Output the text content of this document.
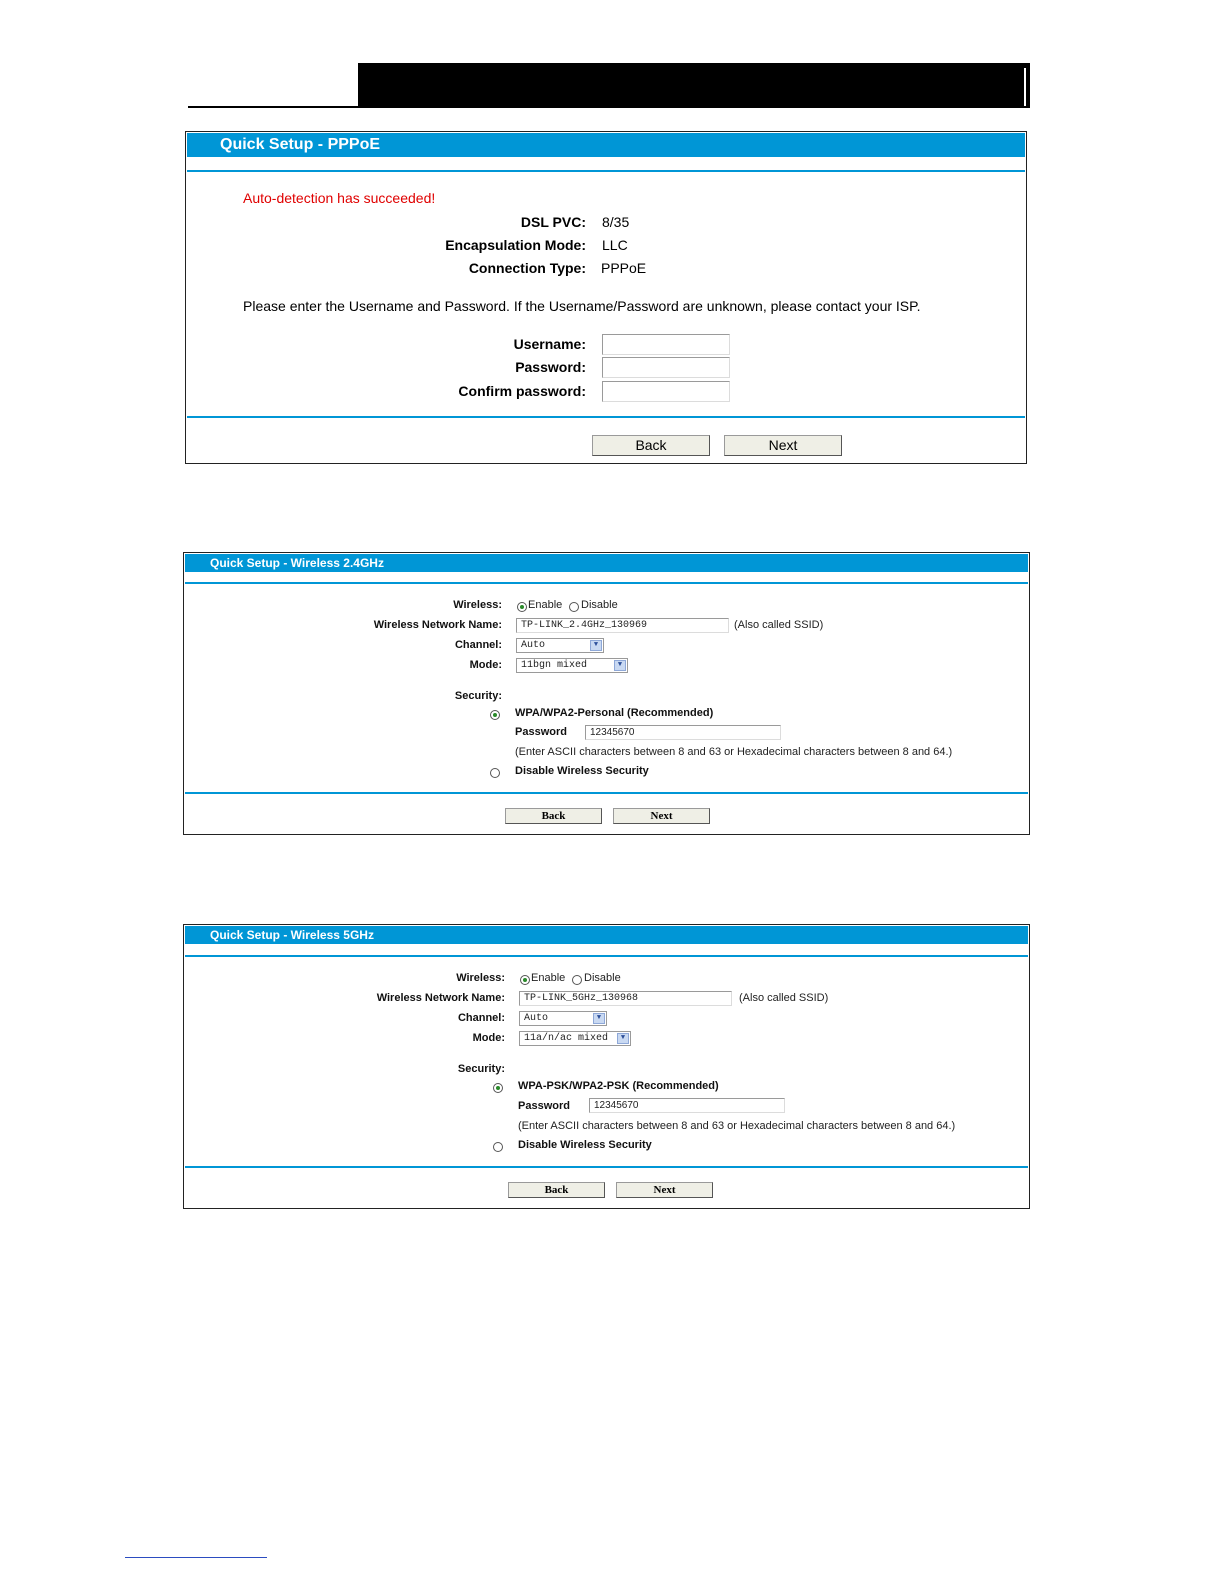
Quick Setup - PPPoE
Auto-detection has succeeded!
DSL PVC: 8/35
Encapsulation Mode: LLC
Connection Type: PPPoE
Please enter the Username and Password. If the Username/Password are unknown, please contact your ISP.
Username:
Password:
Confirm password:
Back	Next
Quick Setup - Wireless 2.4GHz
Wireless: Enable Disable
Wireless Network Name:	TP-LINK_2.4GHz_130969	(Also called SSID)
Channel: Auto	▼
Mode: 11bgn mixed	▼
Security:
WPA/WPA2-Personal (Recommended)
Password	12345670
(Enter ASCII characters between 8 and 63 or Hexadecimal characters between 8 and 64.)
Disable Wireless Security
Back	Next
Quick Setup - Wireless 5GHz
Wireless: Enable Disable
Wireless Network Name:	TP-LINK_5GHz_130968	(Also called SSID)
Channel: Auto	▼
Mode: 11a/n/ac mixed	▼
Security:
WPA-PSK/WPA2-PSK (Recommended)
Password	12345670
(Enter ASCII characters between 8 and 63 or Hexadecimal characters between 8 and 64.)
Disable Wireless Security
Back	Next
